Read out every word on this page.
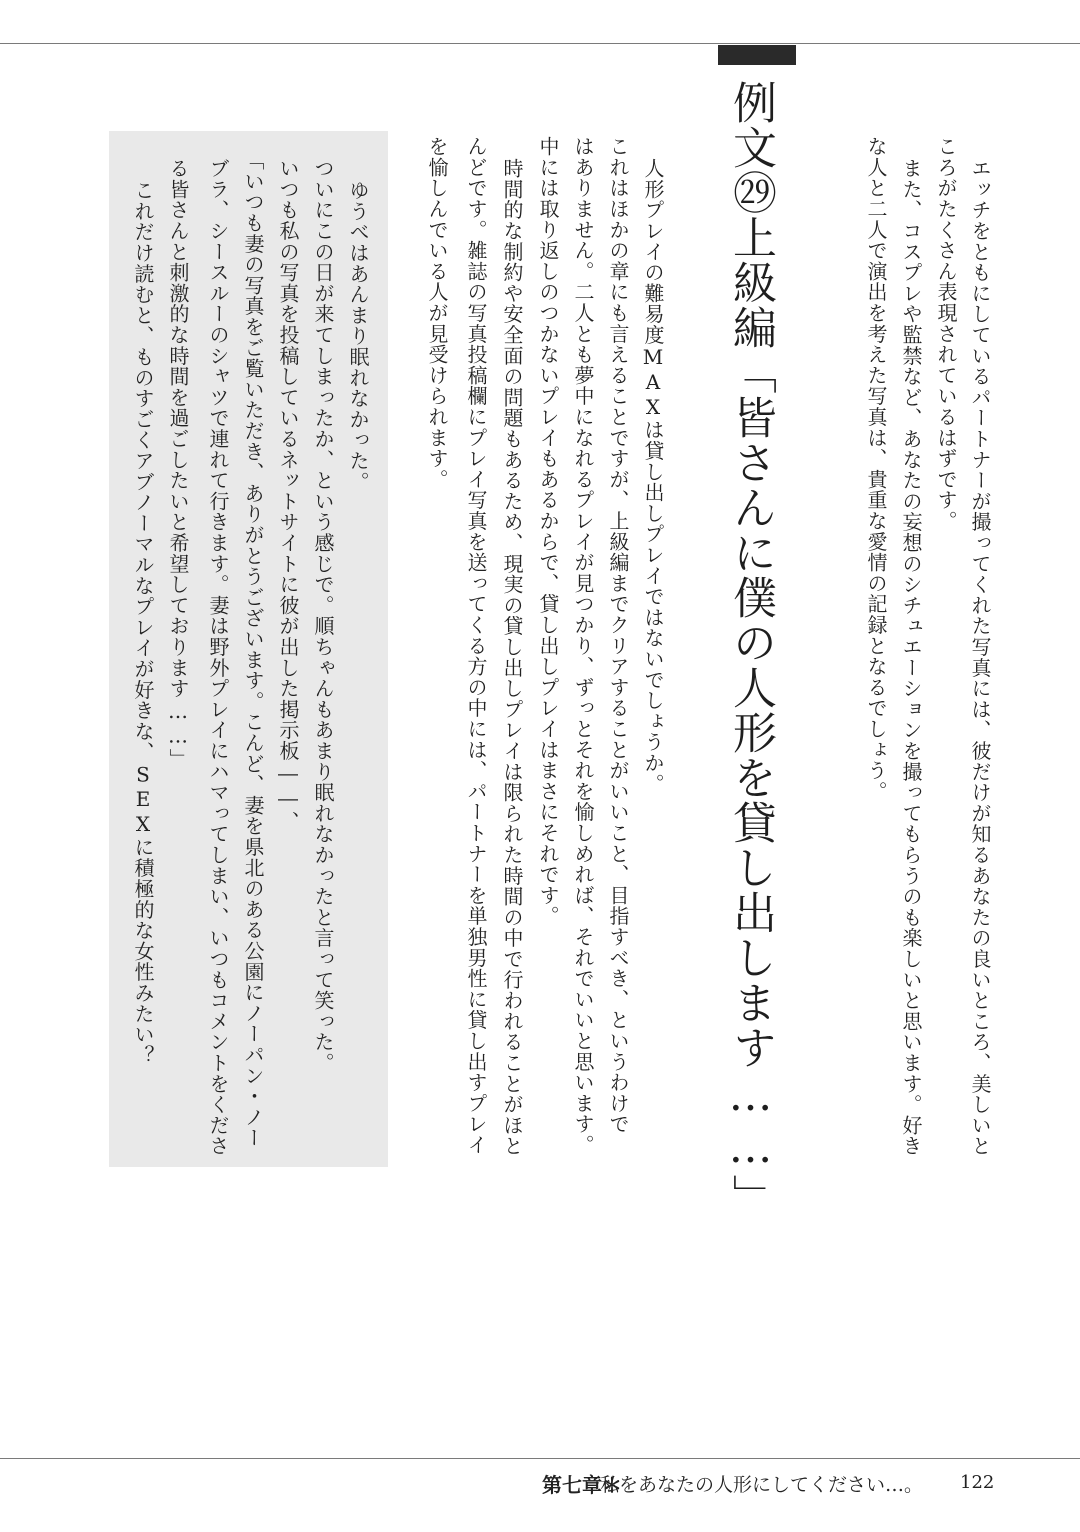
エッチをともにしているパートナーが撮ってくれた写真には、彼だけが知るあなたの良いところ、美しいと
ころがたくさん表現されているはずです。
また、コスプレや監禁など、あなたの妄想のシチュエーションを撮ってもらうのも楽しいと思います。好き
な人と二人で演出を考えた写真は、貴重な愛情の記録となるでしょう。
例文㉙上級編「皆さんに僕の人形を貸し出します……」
人形プレイの難易度MAXは貸し出しプレイではないでしょうか。
これはほかの章にも言えることですが、上級編までクリアすることがいいこと、目指すべき、というわけで
はありません。二人とも夢中になれるプレイが見つかり、ずっとそれを愉しめれば、それでいいと思います。
中には取り返しのつかないプレイもあるからで、貸し出しプレイはまさにそれです。
時間的な制約や安全面の問題もあるため、現実の貸し出しプレイは限られた時間の中で行われることがほと
んどです。雑誌の写真投稿欄にプレイ写真を送ってくる方の中には、パートナーを単独男性に貸し出すプレイ
を愉しんでいる人が見受けられます。
ゆうべはあんまり眠れなかった。
ついにこの日が来てしまったか、という感じで。順ちゃんもあまり眠れなかったと言って笑った。
いつも私の写真を投稿しているネットサイトに彼が出した掲示板――、
「いつも妻の写真をご覧いただき、ありがとうございます。こんど、妻を県北のある公園にノーパン・ノー
ブラ、シースルーのシャツで連れて行きます。妻は野外プレイにハマってしまい、いつもコメントをくださ
る皆さんと刺激的な時間を過ごしたいと希望しております……」
これだけ読むと、ものすごくアブノーマルなプレイが好きな、SEXに積極的な女性みたい？
第七章＊
私をあなたの人形にしてください…。 122
